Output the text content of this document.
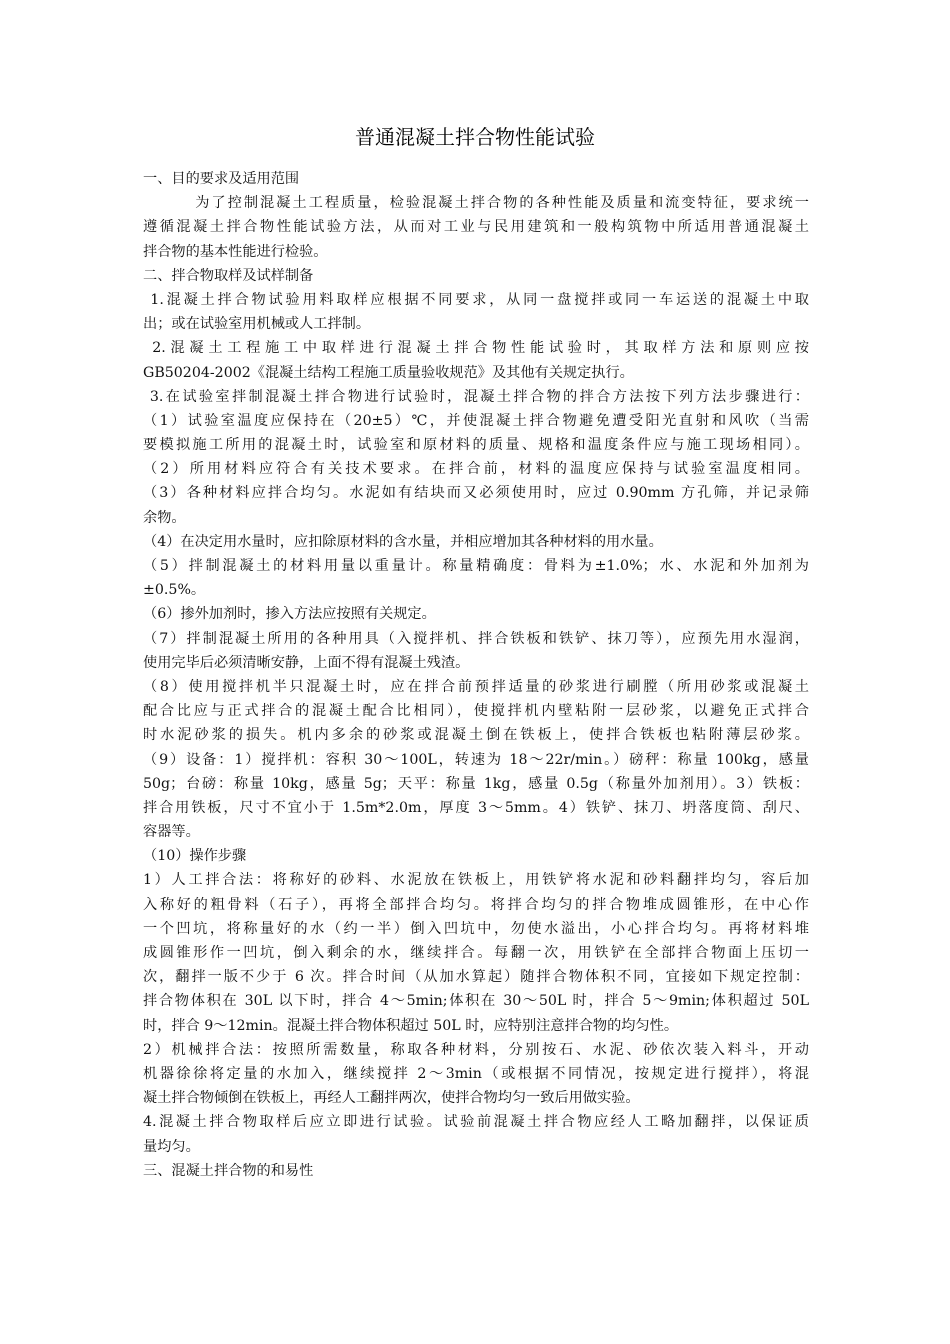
普通混凝土拌合物性能试验
一、目的要求及适用范围
为了控制混凝土工程质量，检验混凝土拌合物的各种性能及质量和流变特征，要求统一
遵循混凝土拌合物性能试验方法，从而对工业与民用建筑和一般构筑物中所适用普通混凝土
拌合物的基本性能进行检验。
二、拌合物取样及试样制备
1.混凝土拌合物试验用料取样应根据不同要求，从同一盘搅拌或同一车运送的混凝土中取
出；或在试验室用机械或人工拌制。
2.混凝土工程施工中取样进行混凝土拌合物性能试验时，其取样方法和原则应按
GB50204-2002《混凝土结构工程施工质量验收规范》及其他有关规定执行。
3.在试验室拌制混凝土拌合物进行试验时，混凝土拌合物的拌合方法按下列方法步骤进行：
（1）试验室温度应保持在（20±5）℃，并使混凝土拌合物避免遭受阳光直射和风吹（当需
要模拟施工所用的混凝土时，试验室和原材料的质量、规格和温度条件应与施工现场相同）。
（2）所用材料应符合有关技术要求。在拌合前，材料的温度应保持与试验室温度相同。
（3）各种材料应拌合均匀。水泥如有结块而又必须使用时，应过 0.90mm 方孔筛，并记录筛
余物。
（4）在决定用水量时，应扣除原材料的含水量，并相应增加其各种材料的用水量。
（5）拌制混凝土的材料用量以重量计。称量精确度：骨料为±1.0%；水、水泥和外加剂为
±0.5%。
（6）掺外加剂时，掺入方法应按照有关规定。
（7）拌制混凝土所用的各种用具（入搅拌机、拌合铁板和铁铲、抹刀等），应预先用水湿润，
使用完毕后必须清晰安静，上面不得有混凝土残渣。
（8）使用搅拌机半只混凝土时，应在拌合前预拌适量的砂浆进行刷膛（所用砂浆或混凝土
配合比应与正式拌合的混凝土配合比相同），使搅拌机内壁粘附一层砂浆，以避免正式拌合
时水泥砂浆的损失。机内多余的砂浆或混凝土倒在铁板上，使拌合铁板也粘附薄层砂浆。
（9）设备：1）搅拌机：容积 30～100L，转速为 18～22r/min。）磅秤：称量 100kg，感量
50g；台磅：称量 10kg，感量 5g；天平：称量 1kg，感量 0.5g（称量外加剂用）。3）铁板：
拌合用铁板，尺寸不宜小于 1.5m*2.0m，厚度 3～5mm。4）铁铲、抹刀、坍落度筒、刮尺、
容器等。
（10）操作步骤
1）人工拌合法：将称好的砂料、水泥放在铁板上，用铁铲将水泥和砂料翻拌均匀，容后加
入称好的粗骨料（石子），再将全部拌合均匀。将拌合均匀的拌合物堆成圆锥形，在中心作
一个凹坑，将称量好的水（约一半）倒入凹坑中，勿使水溢出，小心拌合均匀。再将材料堆
成圆锥形作一凹坑，倒入剩余的水，继续拌合。每翻一次，用铁铲在全部拌合物面上压切一
次，翻拌一版不少于 6 次。拌合时间（从加水算起）随拌合物体积不同，宜接如下规定控制：
拌合物体积在 30L 以下时，拌合 4～5min;体积在 30～50L 时，拌合 5～9min;体积超过 50L
时，拌合 9～12min。混凝土拌合物体积超过 50L 时，应特别注意拌合物的均匀性。
2）机械拌合法：按照所需数量，称取各种材料，分别按石、水泥、砂依次装入料斗，开动
机器徐徐将定量的水加入，继续搅拌 2～3min（或根据不同情况，按规定进行搅拌），将混
凝土拌合物倾倒在铁板上，再经人工翻拌两次，使拌合物均匀一致后用做实验。
4.混凝土拌合物取样后应立即进行试验。试验前混凝土拌合物应经人工略加翻拌，以保证质
量均匀。
三、混凝土拌合物的和易性
